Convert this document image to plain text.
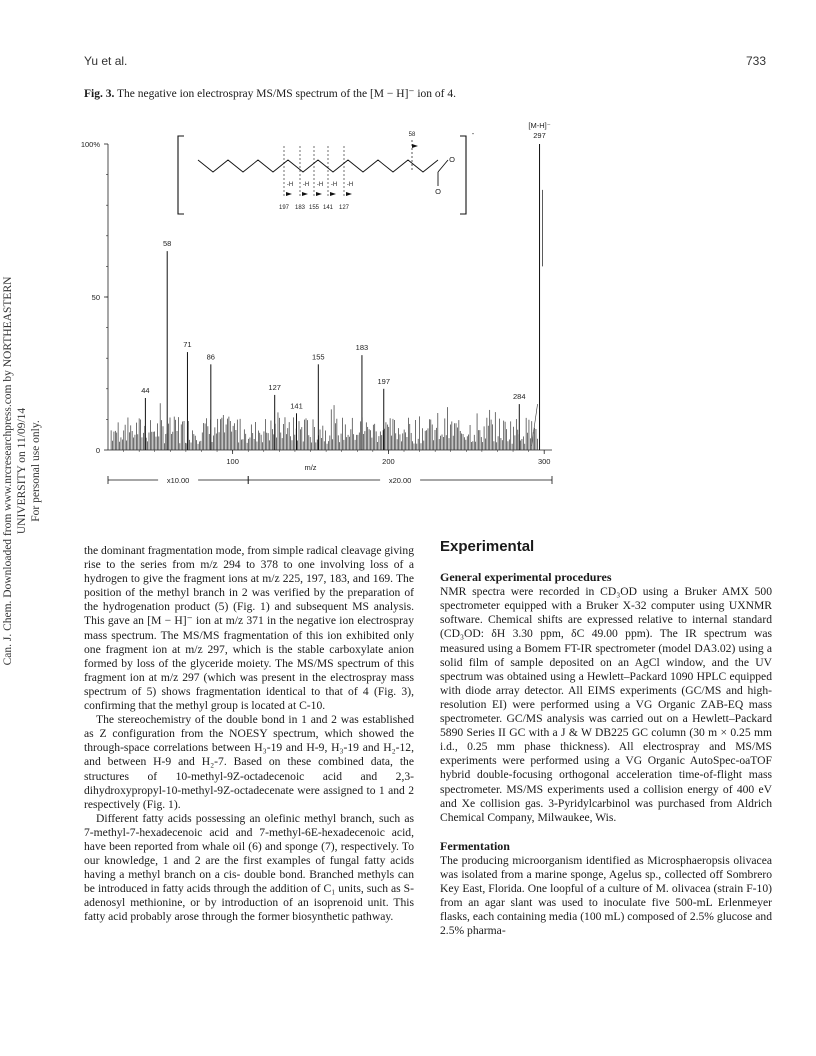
Yu et al.	733
Fig. 3. The negative ion electrospray MS/MS spectrum of the [M − H]⁻ ion of 4.
Can. J. Chem. Downloaded from www.nrcresearchpress.com by NORTHEASTERN UNIVERSITY on 11/09/14 For personal use only.
100%
50
0
100	200	300
m/z
44
58
71
86
127
141
155
183
197
284
297
[M-H]⁻
-
O
O
58
-H
197
-H
183
-H
155
-H
141
-H
127
x10.00	x20.00

the dominant fragmentation mode, from simple radical cleavage giving rise to the series from m/z 294 to 378 to one involving loss of a hydrogen to give the fragment ions at m/z 225, 197, 183, and 169. The position of the methyl branch in 2 was verified by the preparation of the hydrogenation product (5) (Fig. 1) and subsequent MS analysis. This gave an [M − H]⁻ ion at m/z 371 in the negative ion electrospray mass spectrum. The MS/MS fragmentation of this ion exhibited only one fragment ion at m/z 297, which is the stable carboxylate anion formed by loss of the glyceride moiety. The MS/MS spectrum of this fragment ion at m/z 297 (which was present in the electrospray mass spectrum of 5) shows fragmentation identical to that of 4 (Fig. 3), confirming that the methyl group is located at C-10.

The stereochemistry of the double bond in 1 and 2 was established as Z configuration from the NOESY spectrum, which showed the through-space correlations between H₃-19 and H-9, H₃-19 and H₂-12, and between H-9 and H₂-7. Based on these combined data, the structures of 10-methyl-9Z-octadecenoic acid and 2,3-dihydroxypropyl-10-methyl-9Z-octadecenate were assigned to 1 and 2 respectively (Fig. 1).

Different fatty acids possessing an olefinic methyl branch, such as 7-methyl-7-hexadecenoic acid and 7-methyl-6E-hexadecenoic acid, have been reported from whale oil (6) and sponge (7), respectively. To our knowledge, 1 and 2 are the first examples of fungal fatty acids having a methyl branch on a cis- double bond. Branched methyls can be introduced in fatty acids through the addition of C₁ units, such as S-adenosyl methionine, or by introduction of an isoprenoid unit. This fatty acid probably arose through the former biosynthetic pathway.

Experimental
General experimental procedures

NMR spectra were recorded in CD₃OD using a Bruker AMX 500 spectrometer equipped with a Bruker X-32 computer using UXNMR software. Chemical shifts are expressed relative to internal standard (CD₃OD: δH 3.30 ppm, δC 49.00 ppm). The IR spectrum was measured using a Bomem FT-IR spectrometer (model DA3.02) using a solid film of sample deposited on an AgCl window, and the UV spectrum was obtained using a Hewlett–Packard 1090 HPLC equipped with diode array detector. All EIMS experiments (GC/MS and high-resolution EI) were performed using a VG Organic ZAB-EQ mass spectrometer. GC/MS analysis was carried out on a Hewlett–Packard 5890 Series II GC with a J & W DB225 GC column (30 m × 0.25 mm i.d., 0.25 mm phase thickness). All electrospray and MS/MS experiments were performed using a VG Organic AutoSpec-oaTOF hybrid double-focusing orthogonal acceleration time-of-flight mass spectrometer. MS/MS experiments used a collision energy of 400 eV and Xe collision gas. 3-Pyridylcarbinol was purchased from Aldrich Chemical Company, Milwaukee, Wis.

Fermentation

The producing microorganism identified as Microsphaeropsis olivacea was isolated from a marine sponge, Agelus sp., collected off Sombrero Key East, Florida. One loopful of a culture of M. olivacea (strain F-10) from an agar slant was used to inoculate five 500-mL Erlenmeyer flasks, each containing media (100 mL) composed of 2.5% glucose and 2.5% pharma-
